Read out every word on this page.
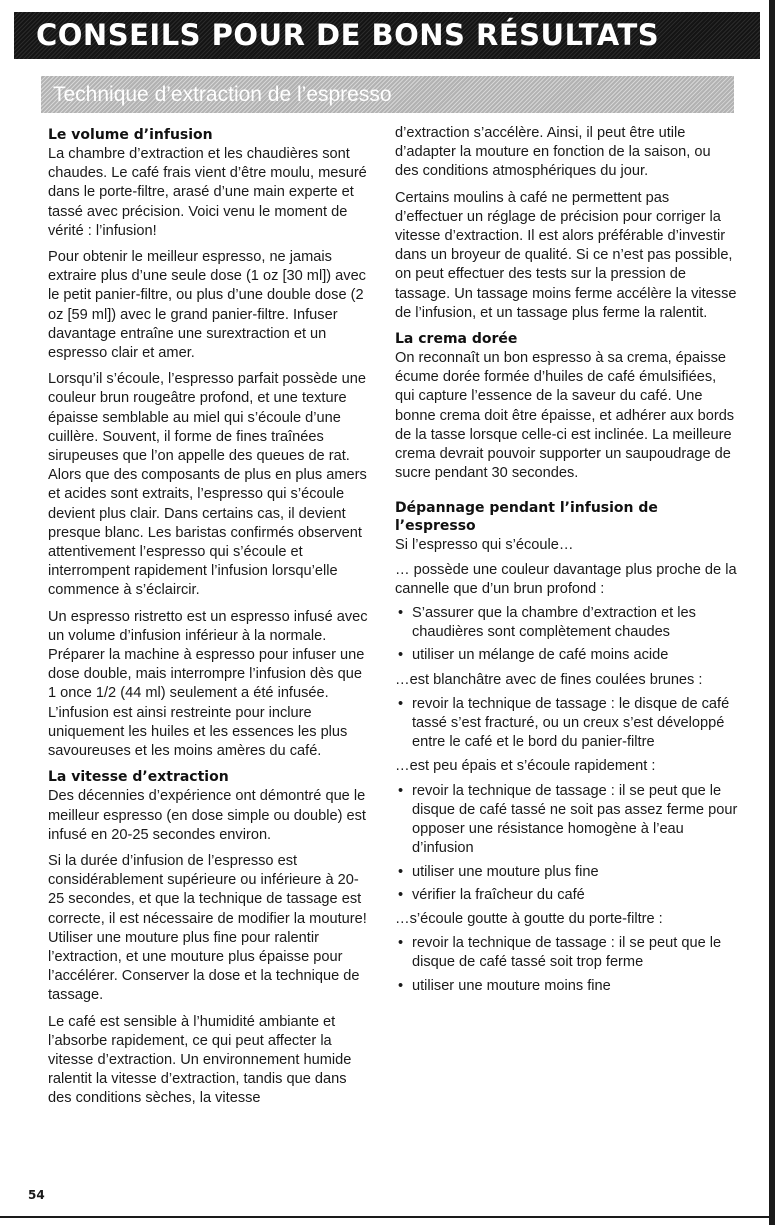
CONSEILS POUR DE BONS RÉSULTATS
Technique d’extraction de l’espresso
Le volume d’infusion

La chambre d’extraction et les chaudières sont chaudes. Le café frais vient d’être moulu, mesuré dans le porte-filtre, arasé d’une main experte et tassé avec précision. Voici venu le moment de vérité : l’infusion!

Pour obtenir le meilleur espresso, ne jamais extraire plus d’une seule dose (1 oz [30 ml]) avec le petit panier-filtre, ou plus d’une double dose (2 oz [59 ml]) avec le grand panier-filtre. Infuser davantage entraîne une surextraction et un espresso clair et amer.

Lorsqu’il s’écoule, l’espresso parfait possède une couleur brun rougeâtre profond, et une texture épaisse semblable au miel qui s’écoule d’une cuillère. Souvent, il forme de fines traînées sirupeuses que l’on appelle des queues de rat. Alors que des composants de plus en plus amers et acides sont extraits, l’espresso qui s’écoule devient plus clair. Dans certains cas, il devient presque blanc. Les baristas confirmés observent attentivement l’espresso qui s’écoule et interrompent rapidement l’infusion lorsqu’elle commence à s’éclaircir.

Un espresso ristretto est un espresso infusé avec un volume d’infusion inférieur à la normale. Préparer la machine à espresso pour infuser une dose double, mais interrompre l’infusion dès que 1 once 1/2 (44 ml) seulement a été infusée. L’infusion est ainsi restreinte pour inclure uniquement les huiles et les essences les plus savoureuses et les moins amères du café.

La vitesse d’extraction

Des décennies d’expérience ont démontré que le meilleur espresso (en dose simple ou double) est infusé en 20-25 secondes environ.

Si la durée d’infusion de l’espresso est considérablement supérieure ou inférieure à 20-25 secondes, et que la technique de tassage est correcte, il est nécessaire de modifier la mouture! Utiliser une mouture plus fine pour ralentir l’extraction, et une mouture plus épaisse pour l’accélérer. Conserver la dose et la technique de tassage.

Le café est sensible à l’humidité ambiante et l’absorbe rapidement, ce qui peut affecter la vitesse d’extraction. Un environnement humide ralentit la vitesse d’extraction, tandis que dans des conditions sèches, la vitesse

d’extraction s’accélère. Ainsi, il peut être utile d’adapter la mouture en fonction de la saison, ou des conditions atmosphériques du jour.

Certains moulins à café ne permettent pas d’effectuer un réglage de précision pour corriger la vitesse d’extraction. Il est alors préférable d’investir dans un broyeur de qualité. Si ce n’est pas possible, on peut effectuer des tests sur la pression de tassage. Un tassage moins ferme accélère la vitesse de l’infusion, et un tassage plus ferme la ralentit.

La crema dorée

On reconnaît un bon espresso à sa crema, épaisse écume dorée formée d’huiles de café émulsifiées, qui capture l’essence de la saveur du café. Une bonne crema doit être épaisse, et adhérer aux bords de la tasse lorsque celle-ci est inclinée. La meilleure crema devrait pouvoir supporter un saupoudrage de sucre pendant 30 secondes.

Dépannage pendant l’infusion de l’espresso

Si l’espresso qui s’écoule…

… possède une couleur davantage plus proche de la cannelle que d’un brun profond :

• S’assurer que la chambre d’extraction et les chaudières sont complètement chaudes
• utiliser un mélange de café moins acide

…est blanchâtre avec de fines coulées brunes :

• revoir la technique de tassage : le disque de café tassé s’est fracturé, ou un creux s’est développé entre le café et le bord du panier-filtre

…est peu épais et s’écoule rapidement :

• revoir la technique de tassage : il se peut que le disque de café tassé ne soit pas assez ferme pour opposer une résistance homogène à l’eau d’infusion
• utiliser une mouture plus fine
• vérifier la fraîcheur du café

…s’écoule goutte à goutte du porte-filtre :

• revoir la technique de tassage : il se peut que le disque de café tassé soit trop ferme
• utiliser une mouture moins fine
54
